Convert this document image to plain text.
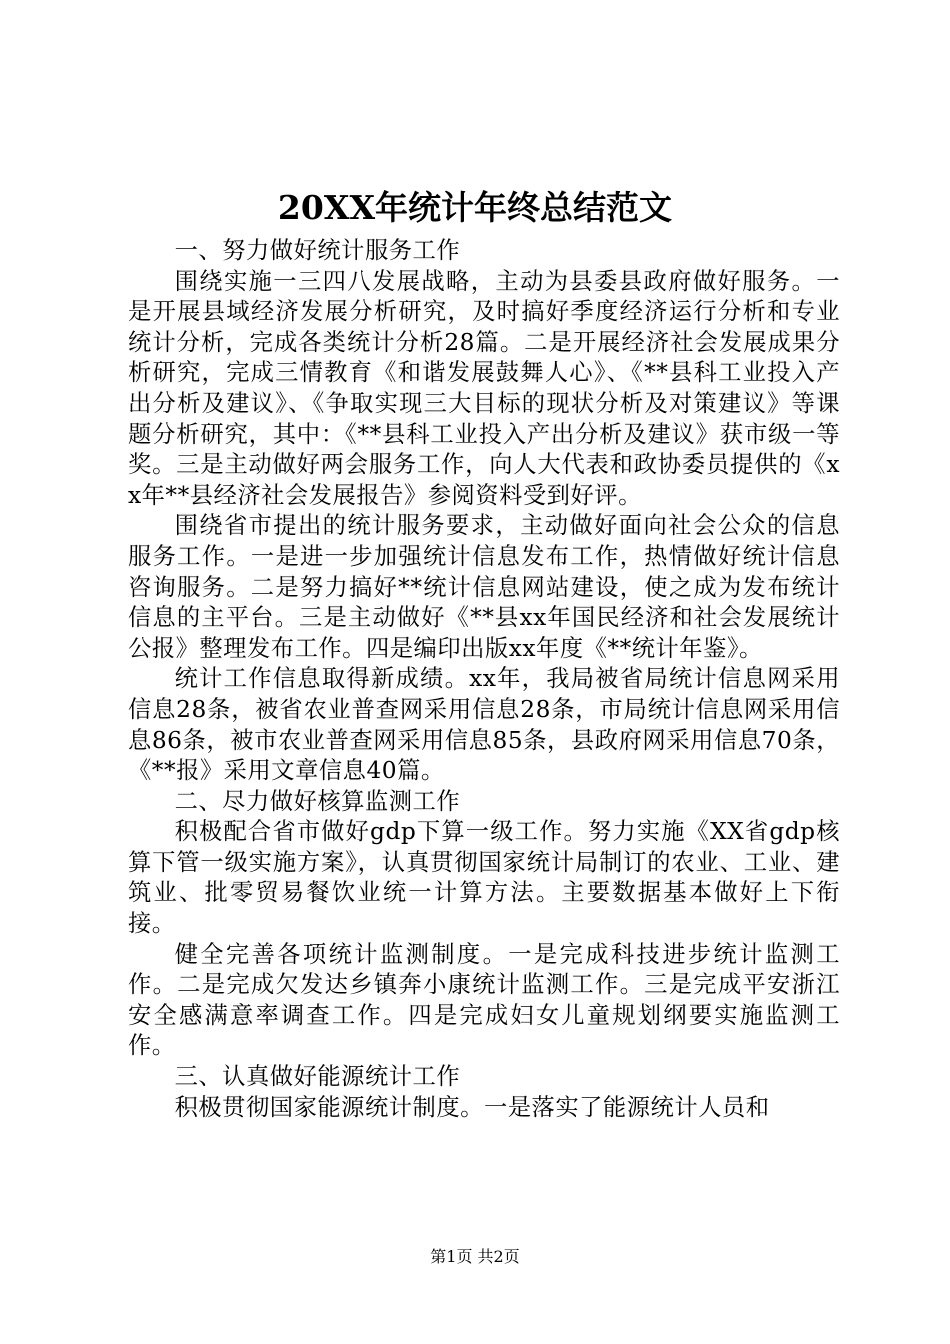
20XX年统计年终总结范文

一、努力做好统计服务工作

围绕实施一三四八发展战略，主动为县委县政府做好服务。一是开展县域经济发展分析研究，及时搞好季度经济运行分析和专业统计分析，完成各类统计分析28篇。二是开展经济社会发展成果分析研究，完成三情教育《和谐发展鼓舞人心》、《**县科工业投入产出分析及建议》、《争取实现三大目标的现状分析及对策建议》等课题分析研究，其中：《**县科工业投入产出分析及建议》获市级一等奖。三是主动做好两会服务工作，向人大代表和政协委员提供的《xx年**县经济社会发展报告》参阅资料受到好评。

围绕省市提出的统计服务要求，主动做好面向社会公众的信息服务工作。一是进一步加强统计信息发布工作，热情做好统计信息咨询服务。二是努力搞好**统计信息网站建设，使之成为发布统计信息的主平台。三是主动做好《**县xx年国民经济和社会发展统计公报》整理发布工作。四是编印出版xx年度《**统计年鉴》。

统计工作信息取得新成绩。xx年，我局被省局统计信息网采用信息28条，被省农业普查网采用信息28条，市局统计信息网采用信息86条，被市农业普查网采用信息85条，县政府网采用信息70条，《**报》采用文章信息40篇。

二、尽力做好核算监测工作

积极配合省市做好gdp下算一级工作。努力实施《XX省gdp核算下管一级实施方案》，认真贯彻国家统计局制订的农业、工业、建筑业、批零贸易餐饮业统一计算方法。主要数据基本做好上下衔接。

健全完善各项统计监测制度。一是完成科技进步统计监测工作。二是完成欠发达乡镇奔小康统计监测工作。三是完成平安浙江安全感满意率调查工作。四是完成妇女儿童规划纲要实施监测工作。

三、认真做好能源统计工作

积极贯彻国家能源统计制度。一是落实了能源统计人员和

第1页 共2页
